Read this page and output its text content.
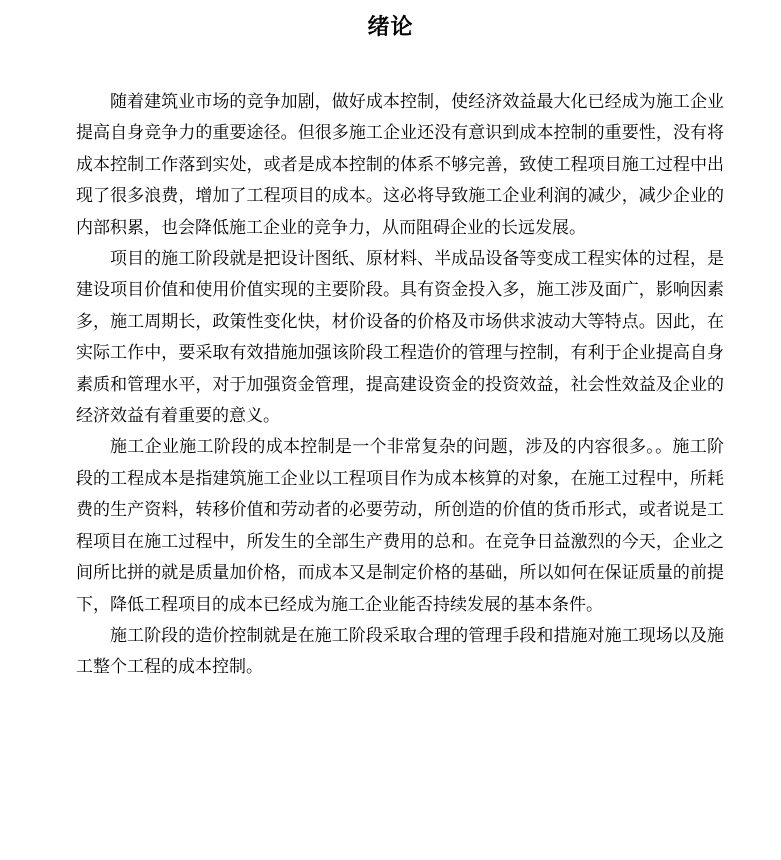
绪论

随着建筑业市场的竞争加剧，做好成本控制，使经济效益最大化已经成为施工企业提高自身竞争力的重要途径。但很多施工企业还没有意识到成本控制的重要性，没有将成本控制工作落到实处，或者是成本控制的体系不够完善，致使工程项目施工过程中出现了很多浪费，增加了工程项目的成本。这必将导致施工企业利润的减少，减少企业的内部积累，也会降低施工企业的竞争力，从而阻碍企业的长远发展。

项目的施工阶段就是把设计图纸、原材料、半成品设备等变成工程实体的过程，是建设项目价值和使用价值实现的主要阶段。具有资金投入多，施工涉及面广，影响因素多，施工周期长，政策性变化快，材价设备的价格及市场供求波动大等特点。因此，在实际工作中，要采取有效措施加强该阶段工程造价的管理与控制，有利于企业提高自身素质和管理水平，对于加强资金管理，提高建设资金的投资效益，社会性效益及企业的经济效益有着重要的意义。

施工企业施工阶段的成本控制是一个非常复杂的问题，涉及的内容很多。。施工阶段的工程成本是指建筑施工企业以工程项目作为成本核算的对象，在施工过程中，所耗费的生产资料，转移价值和劳动者的必要劳动，所创造的价值的货币形式，或者说是工程项目在施工过程中，所发生的全部生产费用的总和。在竞争日益激烈的今天，企业之间所比拼的就是质量加价格，而成本又是制定价格的基础，所以如何在保证质量的前提下，降低工程项目的成本已经成为施工企业能否持续发展的基本条件。

施工阶段的造价控制就是在施工阶段采取合理的管理手段和措施对施工现场以及施工整个工程的成本控制。
